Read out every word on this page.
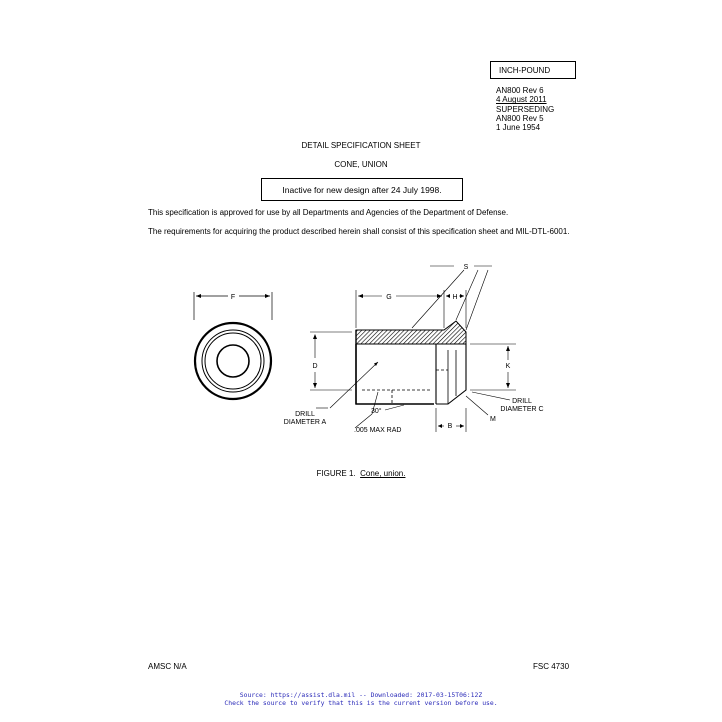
INCH-POUND
AN800 Rev 6
4 August 2011
SUPERSEDING
AN800 Rev 5
1 June 1954
DETAIL SPECIFICATION SHEET
CONE, UNION
Inactive for new design after 24 July 1998.
This specification is approved for use by all Departments and Agencies of the Department of Defense.
The requirements for acquiring the product described herein shall consist of this specification sheet and MIL-DTL-6001.
F	G	H
S
D	K
B
M
30°
DRILL
DIAMETER A
DRILL
DIAMETER C
.005 MAX RAD
FIGURE 1. Cone, union.
AMSC N/A	FSC 4730
Source: https://assist.dla.mil -- Downloaded: 2017-03-15T06:12Z
Check the source to verify that this is the current version before use.
